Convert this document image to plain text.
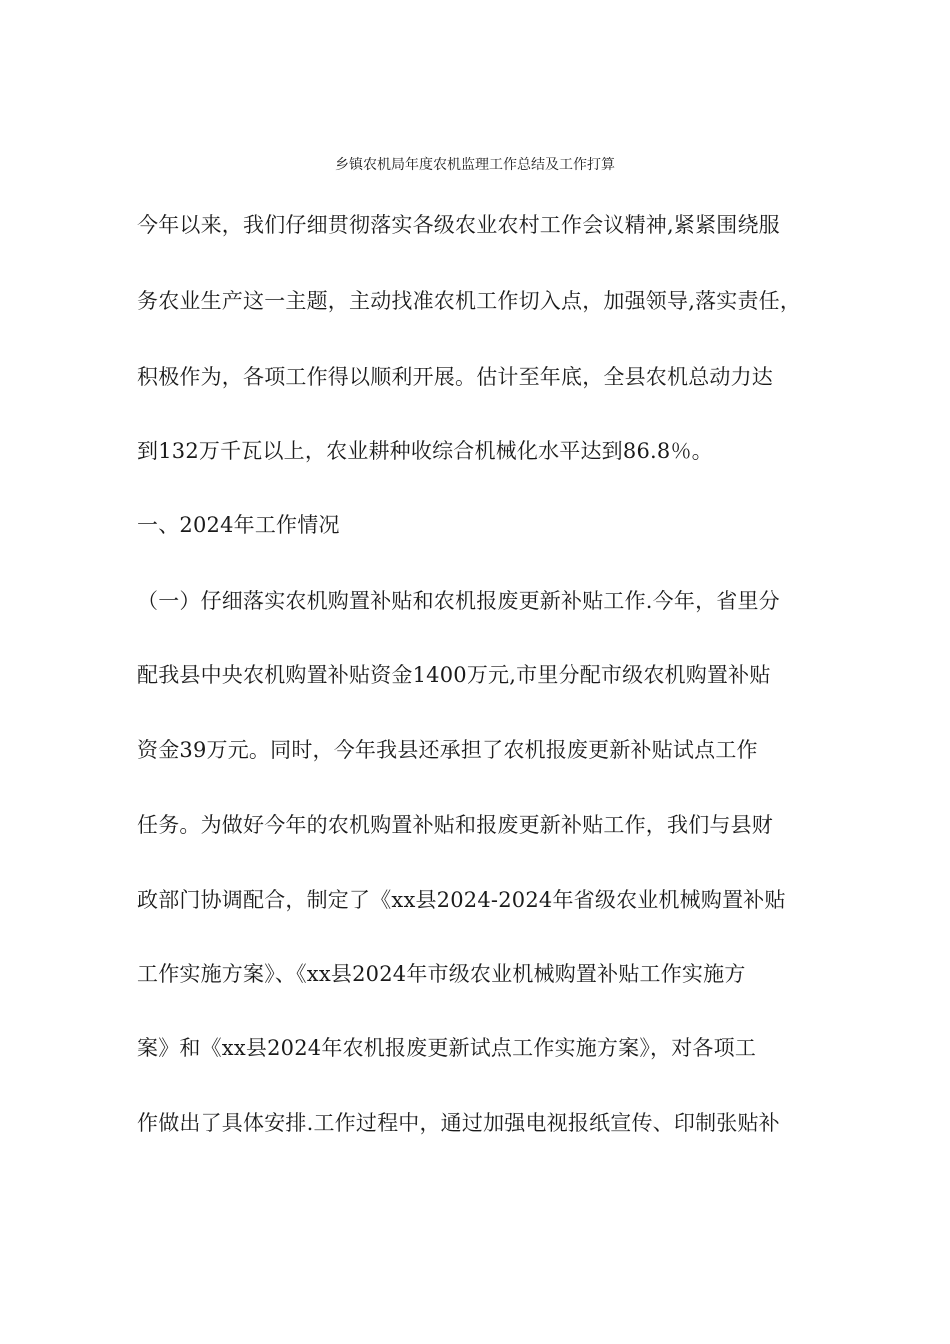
乡镇农机局年度农机监理工作总结及工作打算
今年以来，我们仔细贯彻落实各级农业农村工作会议精神,紧紧围绕服
务农业生产这一主题，主动找准农机工作切入点，加强领导,落实责任，
积极作为，各项工作得以顺利开展。估计至年底，全县农机总动力达
到132万千瓦以上，农业耕种收综合机械化水平达到86.8％。
一、2024年工作情况
（一）仔细落实农机购置补贴和农机报废更新补贴工作.今年，省里分
配我县中央农机购置补贴资金1400万元,市里分配市级农机购置补贴
资金39万元。同时，今年我县还承担了农机报废更新补贴试点工作
任务。为做好今年的农机购置补贴和报废更新补贴工作，我们与县财
政部门协调配合，制定了《xx县2024-2024年省级农业机械购置补贴
工作实施方案》、《xx县2024年市级农业机械购置补贴工作实施方
案》和《xx县2024年农机报废更新试点工作实施方案》，对各项工
作做出了具体安排.工作过程中，通过加强电视报纸宣传、印制张贴补
